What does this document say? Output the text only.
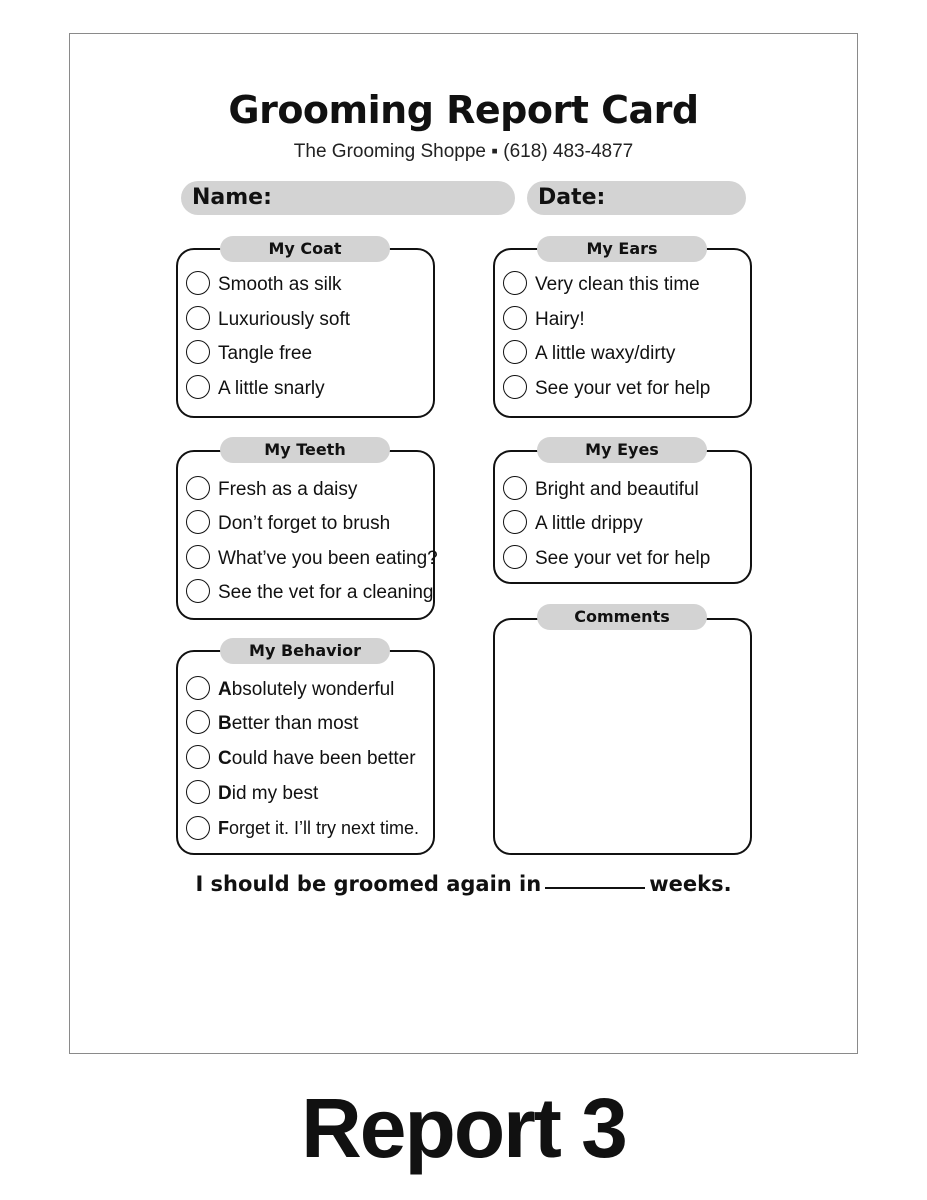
Grooming Report Card
The Grooming Shoppe ▪ (618) 483-4877
Name:	Date:
Smooth as silk
Luxuriously soft
Tangle free
A little snarly
My Coat
Very clean this time
Hairy!
A little waxy/dirty
See your vet for help
My Ears
Fresh as a daisy
Don’t forget to brush
What’ve you been eating?
See the vet for a cleaning
My Teeth
Bright and beautiful
A little drippy
See your vet for help
My Eyes
Absolutely wonderful
Better than most
Could have been better
Did my best
Forget it. I’ll try next time.
My Behavior
Comments
I should be groomed again in	weeks.
Report 3
